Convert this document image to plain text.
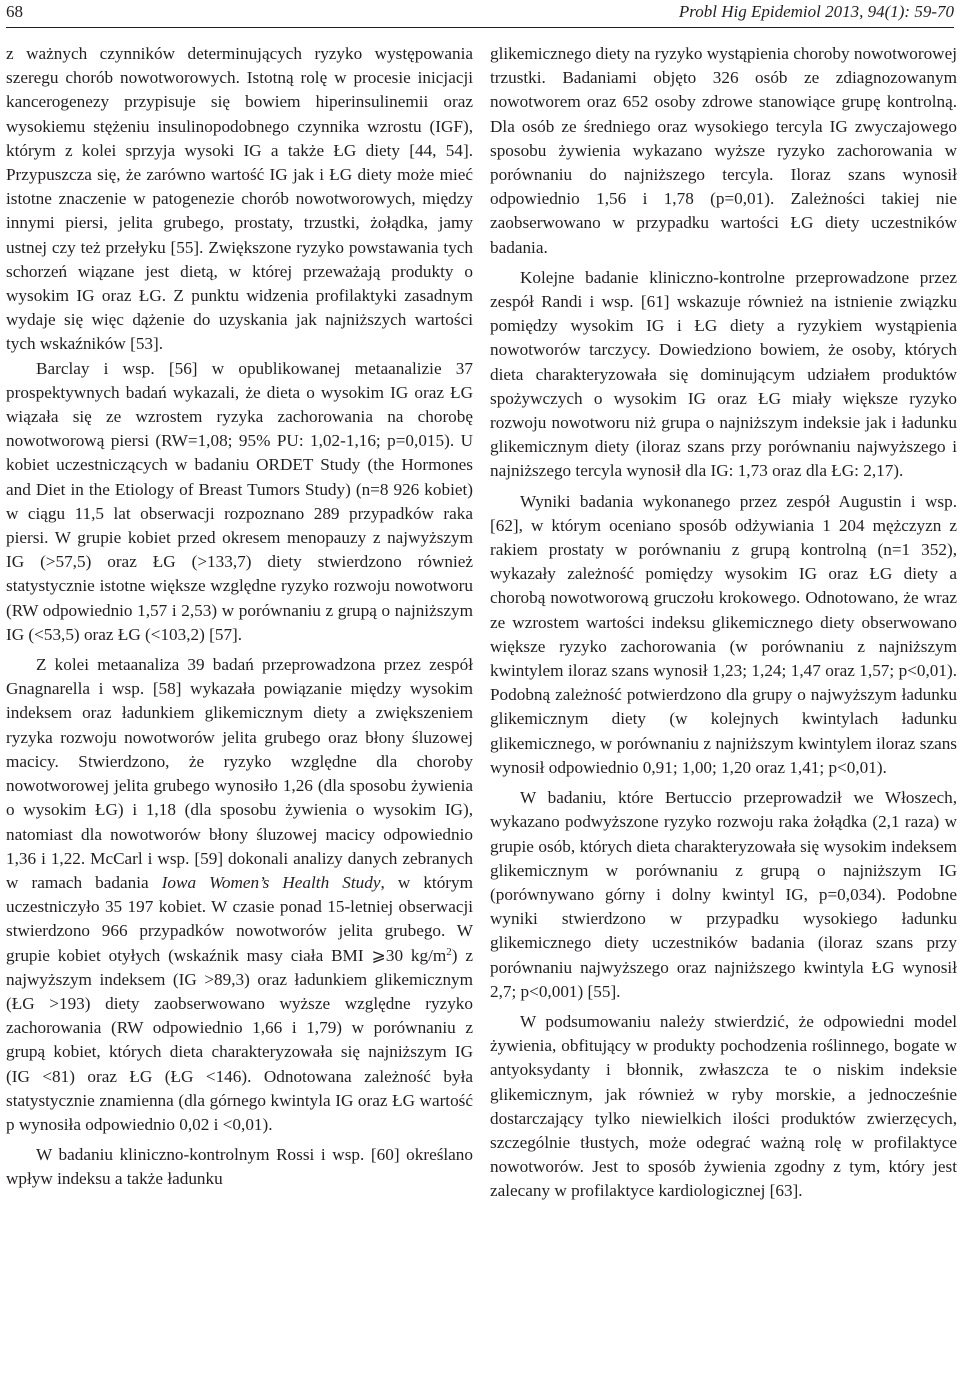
68	Probl Hig Epidemiol 2013, 94(1): 59-70

z ważnych czynników determinujących ryzyko występowania szeregu chorób nowotworowych. Istotną rolę w procesie inicjacji kancerogenezy przypisuje się bowiem hiperinsulinemii oraz wysokiemu stężeniu insulinopodobnego czynnika wzrostu (IGF), którym z kolei sprzyja wysoki IG a także ŁG diety [44, 54]. Przypuszcza się, że zarówno wartość IG jak i ŁG diety może mieć istotne znaczenie w patogenezie chorób nowotworowych, między innymi piersi, jelita grubego, prostaty, trzustki, żołądka, jamy ustnej czy też przełyku [55]. Zwiększone ryzyko powstawania tych schorzeń wiązane jest dietą, w której przeważają produkty o wysokim IG oraz ŁG. Z punktu widzenia profilaktyki zasadnym wydaje się więc dążenie do uzyskania jak najniższych wartości tych wskaźników [53].

Barclay i wsp. [56] w opublikowanej metaanalizie 37 prospektywnych badań wykazali, że dieta o wysokim IG oraz ŁG wiązała się ze wzrostem ryzyka zachorowania na chorobę nowotworową piersi (RW=1,08; 95% PU: 1,02-1,16; p=0,015). U kobiet uczestniczących w badaniu ORDET Study (the Hormones and Diet in the Etiology of Breast Tumors Study) (n=8 926 kobiet) w ciągu 11,5 lat obserwacji rozpoznano 289 przypadków raka piersi. W grupie kobiet przed okresem menopauzy z najwyższym IG (>57,5) oraz ŁG (>133,7) diety stwierdzono również statystycznie istotne większe względne ryzyko rozwoju nowotworu (RW odpowiednio 1,57 i 2,53) w porównaniu z grupą o najniższym IG (<53,5) oraz ŁG (<103,2) [57].

Z kolei metaanaliza 39 badań przeprowadzona przez zespół Gnagnarella i wsp. [58] wykazała powiązanie między wysokim indeksem oraz ładunkiem glikemicznym diety a zwiększeniem ryzyka rozwoju nowotworów jelita grubego oraz błony śluzowej macicy. Stwierdzono, że ryzyko względne dla choroby nowotworowej jelita grubego wynosiło 1,26 (dla sposobu żywienia o wysokim ŁG) i 1,18 (dla sposobu żywienia o wysokim IG), natomiast dla nowotworów błony śluzowej macicy odpowiednio 1,36 i 1,22. McCarl i wsp. [59] dokonali analizy danych zebranych w ramach badania Iowa Women’s Health Study, w którym uczestniczyło 35 197 kobiet. W czasie ponad 15-letniej obserwacji stwierdzono 966 przypadków nowotworów jelita grubego. W grupie kobiet otyłych (wskaźnik masy ciała BMI ⩾30 $kg/m^2$) z najwyższym indeksem (IG >89,3) oraz ładunkiem glikemicznym (ŁG >193) diety zaobserwowano wyższe względne ryzyko zachorowania (RW odpowiednio 1,66 i 1,79) w porównaniu z grupą kobiet, których dieta charakteryzowała się najniższym IG (IG <81) oraz ŁG (ŁG <146). Odnotowana zależność była statystycznie znamienna (dla górnego kwintyla IG oraz ŁG wartość p wynosiła odpowiednio 0,02 i <0,01).

W badaniu kliniczno-kontrolnym Rossi i wsp. [60] określano wpływ indeksu a także ładunku

glikemicznego diety na ryzyko wystąpienia choroby nowotworowej trzustki. Badaniami objęto 326 osób ze zdiagnozowanym nowotworem oraz 652 osoby zdrowe stanowiące grupę kontrolną. Dla osób ze średniego oraz wysokiego tercyla IG zwyczajowego sposobu żywienia wykazano wyższe ryzyko zachorowania w porównaniu do najniższego tercyla. Iloraz szans wynosił odpowiednio 1,56 i 1,78 (p=0,01). Zależności takiej nie zaobserwowano w przypadku wartości ŁG diety uczestników badania.

Kolejne badanie kliniczno-kontrolne przeprowadzone przez zespół Randi i wsp. [61] wskazuje również na istnienie związku pomiędzy wysokim IG i ŁG diety a ryzykiem wystąpienia nowotworów tarczycy. Dowiedziono bowiem, że osoby, których dieta charakteryzowała się dominującym udziałem produktów spożywczych o wysokim IG oraz ŁG miały większe ryzyko rozwoju nowotworu niż grupa o najniższym indeksie jak i ładunku glikemicznym diety (iloraz szans przy porównaniu najwyższego i najniższego tercyla wynosił dla IG: 1,73 oraz dla ŁG: 2,17).

Wyniki badania wykonanego przez zespół Augustin i wsp. [62], w którym oceniano sposób odżywiania 1 204 mężczyzn z rakiem prostaty w porównaniu z grupą kontrolną (n=1 352), wykazały zależność pomiędzy wysokim IG oraz ŁG diety a chorobą nowotworową gruczołu krokowego. Odnotowano, że wraz ze wzrostem wartości indeksu glikemicznego diety obserwowano większe ryzyko zachorowania (w porównaniu z najniższym kwintylem iloraz szans wynosił 1,23; 1,24; 1,47 oraz 1,57; p<0,01). Podobną zależność potwierdzono dla grupy o najwyższym ładunku glikemicznym diety (w kolejnych kwintylach ładunku glikemicznego, w porównaniu z najniższym kwintylem iloraz szans wynosił odpowiednio 0,91; 1,00; 1,20 oraz 1,41; p<0,01).

W badaniu, które Bertuccio przeprowadził we Włoszech, wykazano podwyższone ryzyko rozwoju raka żołądka (2,1 raza) w grupie osób, których dieta charakteryzowała się wysokim indeksem glikemicznym w porównaniu z grupą o najniższym IG (porównywano górny i dolny kwintyl IG, p=0,034). Podobne wyniki stwierdzono w przypadku wysokiego ładunku glikemicznego diety uczestników badania (iloraz szans przy porównaniu najwyższego oraz najniższego kwintyla ŁG wynosił 2,7; p<0,001) [55].

W podsumowaniu należy stwierdzić, że odpowiedni model żywienia, obfitujący w produkty pochodzenia roślinnego, bogate w antyoksydanty i błonnik, zwłaszcza te o niskim indeksie glikemicznym, jak również w ryby morskie, a jednocześnie dostarczający tylko niewielkich ilości produktów zwierzęcych, szczególnie tłustych, może odegrać ważną rolę w profilaktyce nowotworów. Jest to sposób żywienia zgodny z tym, który jest zalecany w profilaktyce kardiologicznej [63].
